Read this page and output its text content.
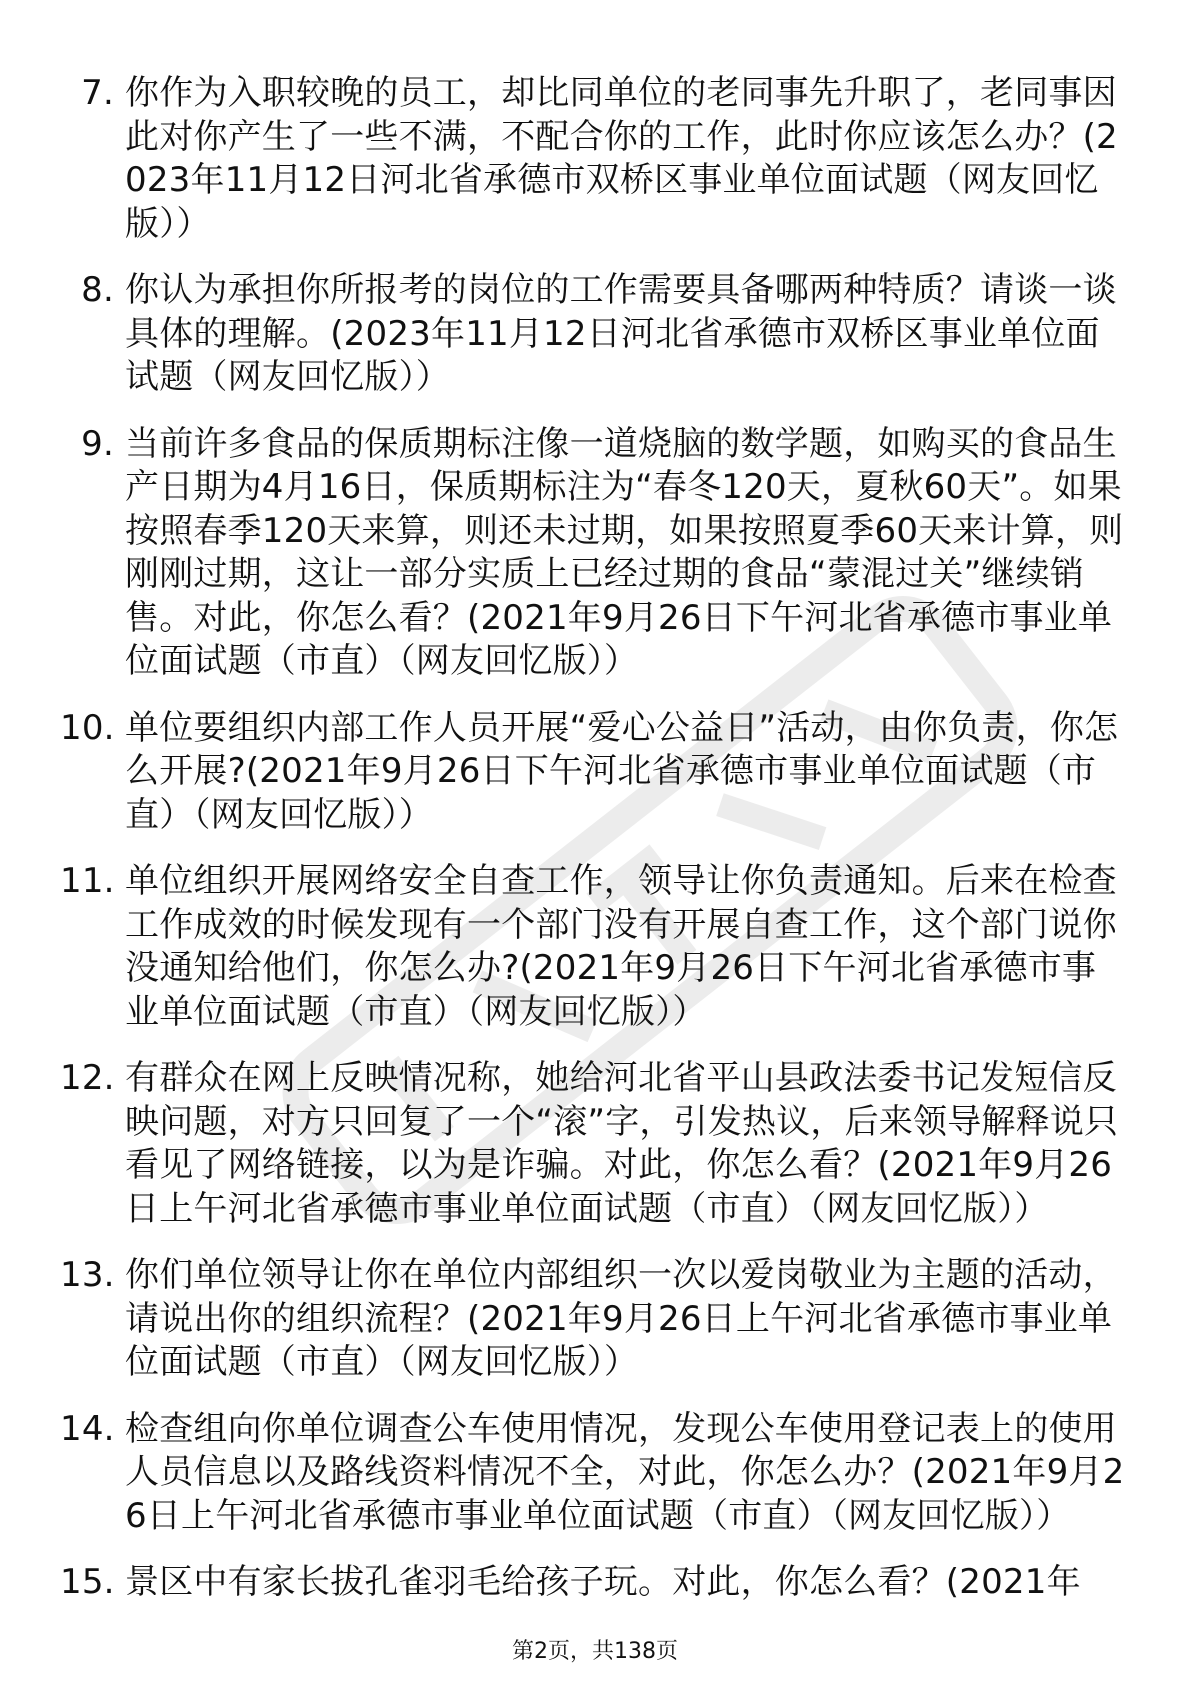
7. 你作为入职较晚的员工，却比同单位的老同事先升职了，老同事因此对你产生了一些不满，不配合你的工作，此时你应该怎么办？(2023年11月12日河北省承德市双桥区事业单位面试题（网友回忆版））
8. 你认为承担你所报考的岗位的工作需要具备哪两种特质？请谈一谈具体的理解。(2023年11月12日河北省承德市双桥区事业单位面试题（网友回忆版））
9. 当前许多食品的保质期标注像一道烧脑的数学题，如购买的食品生产日期为4月16日，保质期标注为“春冬120天，夏秋60天”。如果按照春季120天来算，则还未过期，如果按照夏季60天来计算，则刚刚过期，这让一部分实质上已经过期的食品“蒙混过关”继续销售。对此，你怎么看？(2021年9月26日下午河北省承德市事业单位面试题（市直）（网友回忆版））
10. 单位要组织内部工作人员开展“爱心公益日”活动，由你负责，你怎么开展?(2021年9月26日下午河北省承德市事业单位面试题（市直）（网友回忆版））
11. 单位组织开展网络安全自查工作，领导让你负责通知。后来在检查工作成效的时候发现有一个部门没有开展自查工作，这个部门说你没通知给他们，你怎么办?(2021年9月26日下午河北省承德市事业单位面试题（市直）（网友回忆版））
12. 有群众在网上反映情况称，她给河北省平山县政法委书记发短信反映问题，对方只回复了一个“滚”字，引发热议，后来领导解释说只看见了网络链接，以为是诈骗。对此，你怎么看？(2021年9月26日上午河北省承德市事业单位面试题（市直）（网友回忆版））
13. 你们单位领导让你在单位内部组织一次以爱岗敬业为主题的活动，请说出你的组织流程？(2021年9月26日上午河北省承德市事业单位面试题（市直）（网友回忆版））
14. 检查组向你单位调查公车使用情况，发现公车使用登记表上的使用人员信息以及路线资料情况不全，对此，你怎么办？(2021年9月26日上午河北省承德市事业单位面试题（市直）（网友回忆版））
15. 景区中有家长拔孔雀羽毛给孩子玩。对此，你怎么看？(2021年
第2页，共138页
